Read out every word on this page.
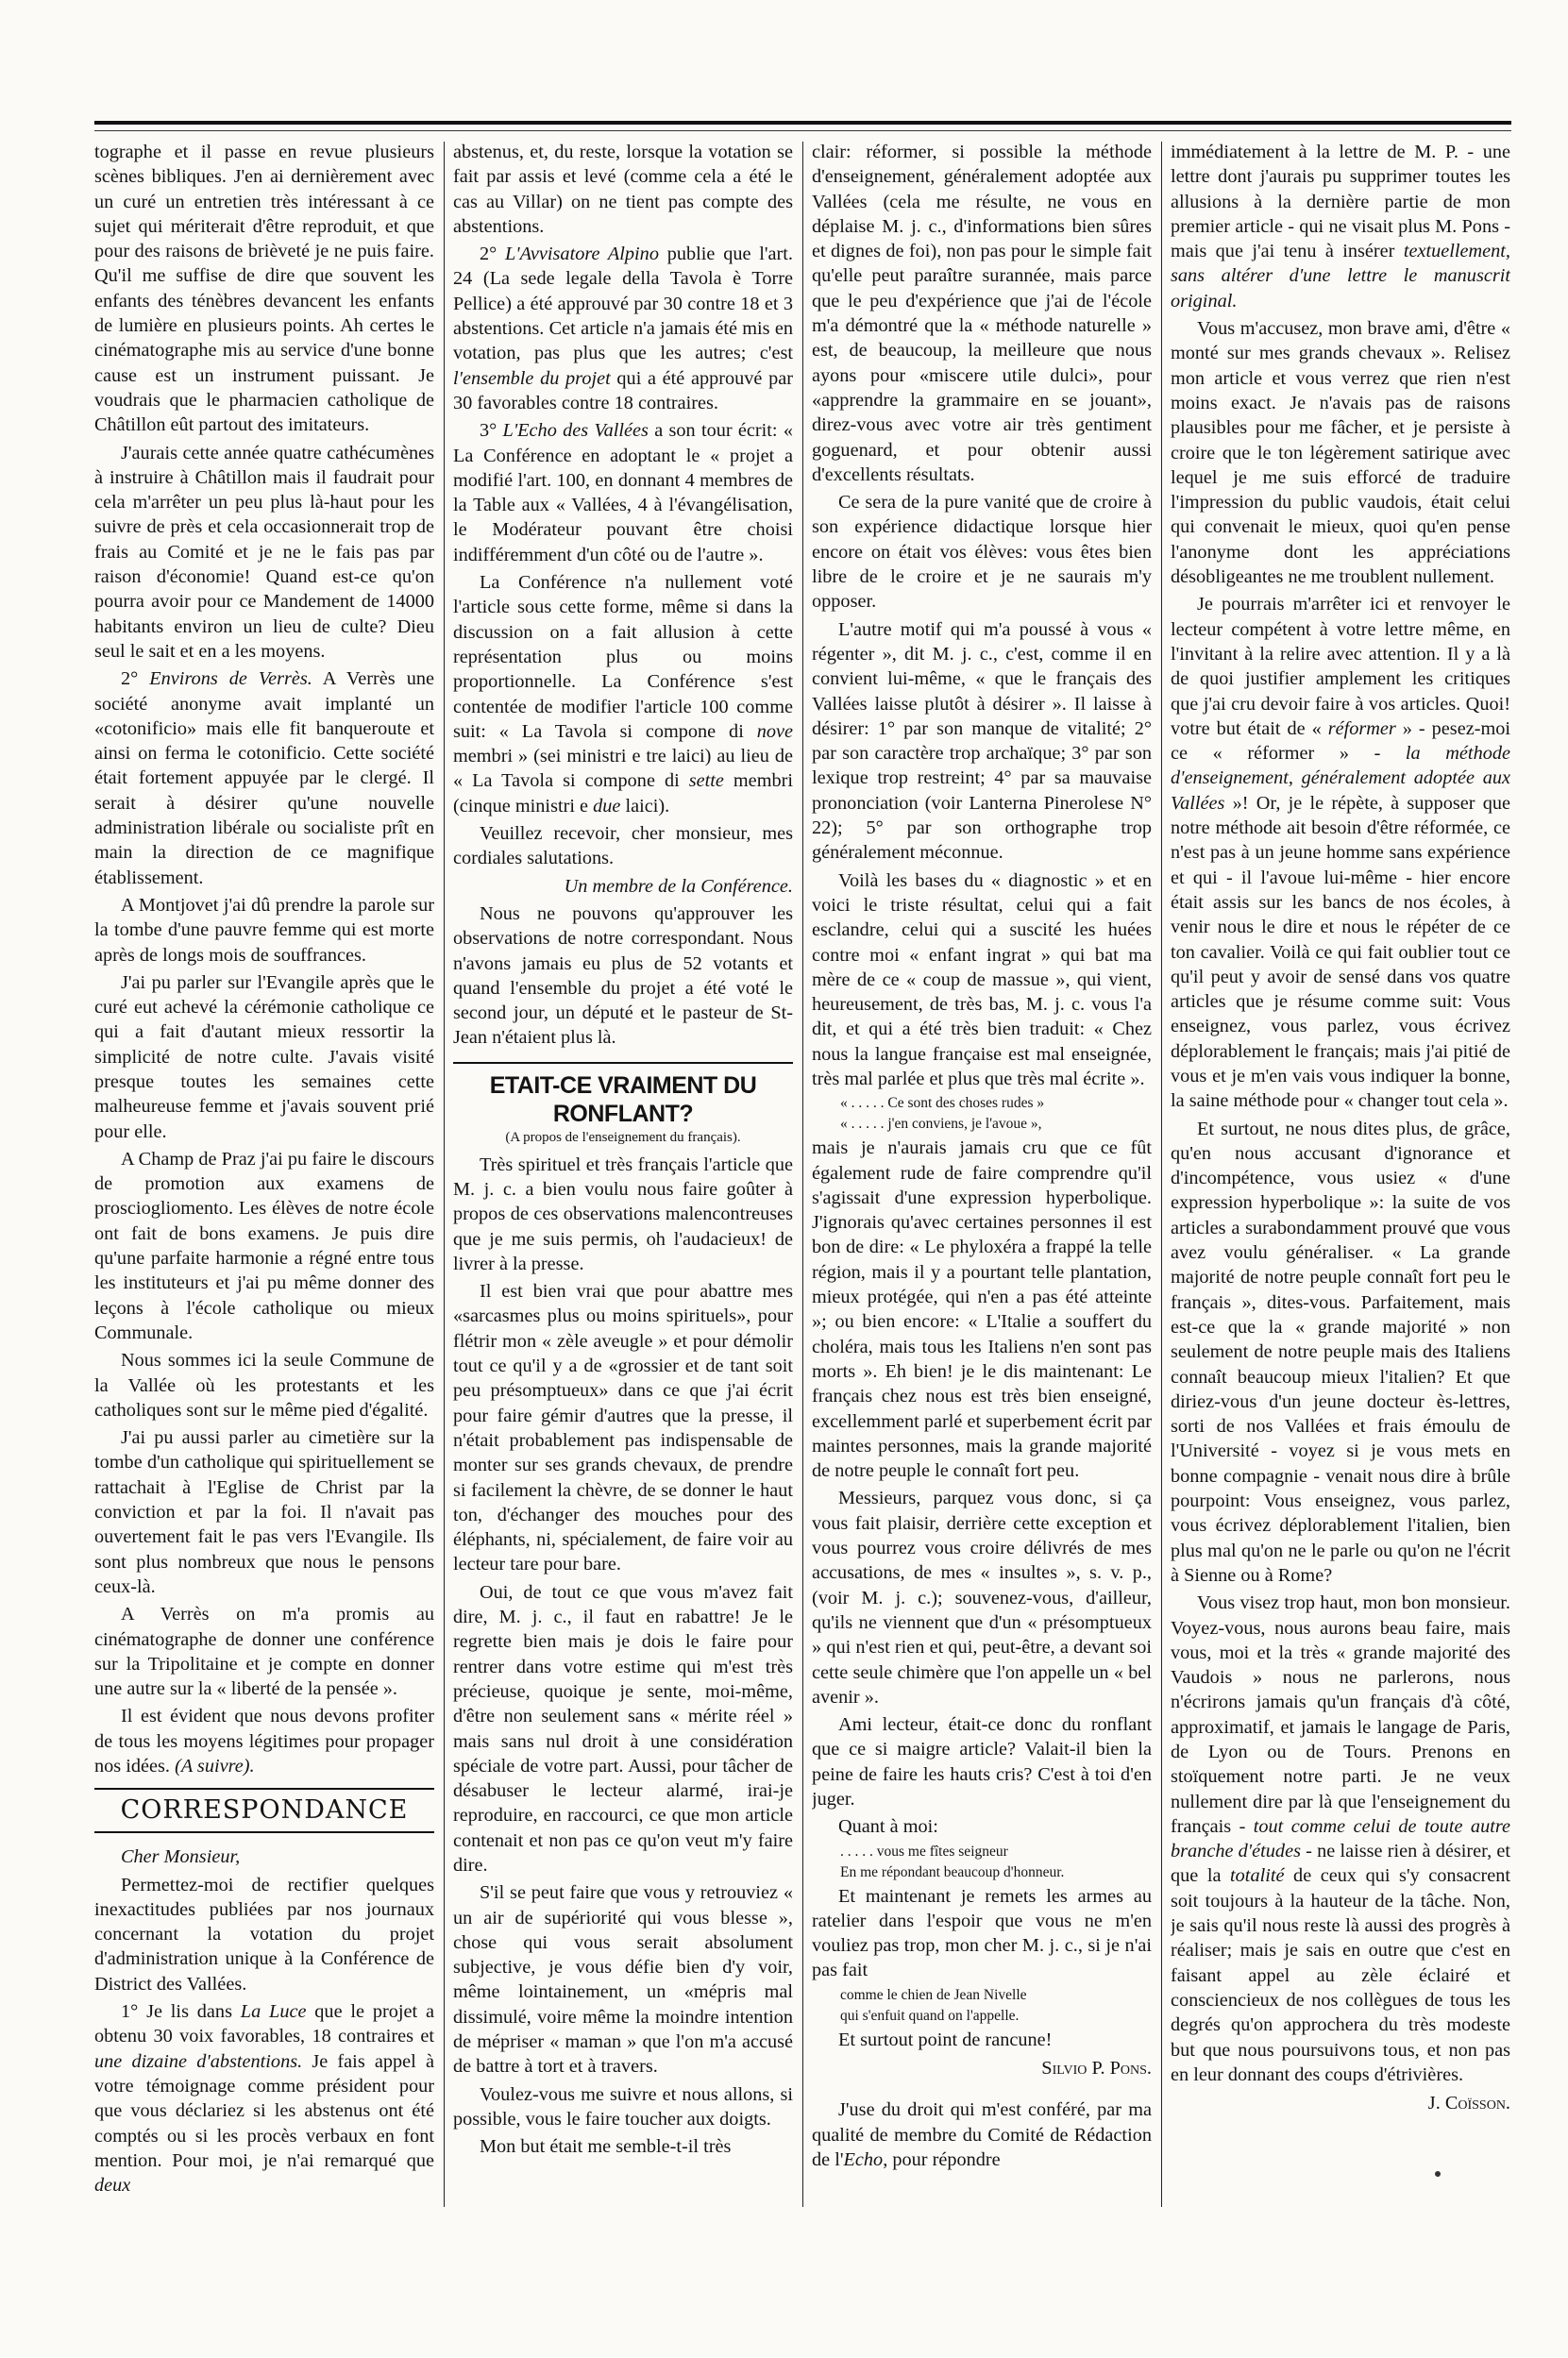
tographe et il passe en revue plusieurs scènes bibliques. J'en ai dernièrement avec un curé un entretien très intéressant à ce sujet qui mériterait d'être reproduit, et que pour des raisons de brièveté je ne puis faire. Qu'il me suffise de dire que souvent les enfants des ténèbres devancent les enfants de lumière en plusieurs points. Ah certes le cinématographe mis au service d'une bonne cause est un instrument puissant. Je voudrais que le pharmacien catholique de Châtillon eût partout des imitateurs.

J'aurais cette année quatre cathécumènes à instruire à Châtillon mais il faudrait pour cela m'arrêter un peu plus là-haut pour les suivre de près et cela occasionnerait trop de frais au Comité et je ne le fais pas par raison d'économie! Quand est-ce qu'on pourra avoir pour ce Mandement de 14000 habitants environ un lieu de culte? Dieu seul le sait et en a les moyens.

2° Environs de Verrès. A Verrès une société anonyme avait implanté un «cotonificio» mais elle fit banqueroute et ainsi on ferma le cotonificio. Cette société était fortement appuyée par le clergé. Il serait à désirer qu'une nouvelle administration libérale ou socialiste prît en main la direction de ce magnifique établissement.

A Montjovet j'ai dû prendre la parole sur la tombe d'une pauvre femme qui est morte après de longs mois de souffrances.

J'ai pu parler sur l'Evangile après que le curé eut achevé la cérémonie catholique ce qui a fait d'autant mieux ressortir la simplicité de notre culte. J'avais visité presque toutes les semaines cette malheureuse femme et j'avais souvent prié pour elle.

A Champ de Praz j'ai pu faire le discours de promotion aux examens de prosciogliomento. Les élèves de notre école ont fait de bons examens. Je puis dire qu'une parfaite harmonie a régné entre tous les instituteurs et j'ai pu même donner des leçons à l'école catholique ou mieux Communale.

Nous sommes ici la seule Commune de la Vallée où les protestants et les catholiques sont sur le même pied d'égalité.

J'ai pu aussi parler au cimetière sur la tombe d'un catholique qui spirituellement se rattachait à l'Eglise de Christ par la conviction et par la foi. Il n'avait pas ouvertement fait le pas vers l'Evangile. Ils sont plus nombreux que nous le pensons ceux-là.

A Verrès on m'a promis au cinématographe de donner une conférence sur la Tripolitaine et je compte en donner une autre sur la « liberté de la pensée ».

Il est évident que nous devons profiter de tous les moyens légitimes pour propager nos idées. (A suivre).

CORRESPONDANCE

Cher Monsieur,

Permettez-moi de rectifier quelques inexactitudes publiées par nos journaux concernant la votation du projet d'administration unique à la Conférence de District des Vallées.

1° Je lis dans La Luce que le projet a obtenu 30 voix favorables, 18 contraires et une dizaine d'abstentions. Je fais appel à votre témoignage comme président pour que vous déclariez si les abstenus ont été comptés ou si les procès verbaux en font mention. Pour moi, je n'ai remarqué que deux

abstenus, et, du reste, lorsque la votation se fait par assis et levé (comme cela a été le cas au Villar) on ne tient pas compte des abstentions.

2° L'Avvisatore Alpino publie que l'art. 24 (La sede legale della Tavola è Torre Pellice) a été approuvé par 30 contre 18 et 3 abstentions. Cet article n'a jamais été mis en votation, pas plus que les autres; c'est l'ensemble du projet qui a été approuvé par 30 favorables contre 18 contraires.

3° L'Echo des Vallées a son tour écrit: « La Conférence en adoptant le « projet a modifié l'art. 100, en donnant 4 membres de la Table aux « Vallées, 4 à l'évangélisation, le Modérateur pouvant être choisi indifféremment d'un côté ou de l'autre ».

La Conférence n'a nullement voté l'article sous cette forme, même si dans la discussion on a fait allusion à cette représentation plus ou moins proportionnelle. La Conférence s'est contentée de modifier l'article 100 comme suit: « La Tavola si compone di nove membri » (sei ministri e tre laici) au lieu de « La Tavola si compone di sette membri (cinque ministri e due laici).

Veuillez recevoir, cher monsieur, mes cordiales salutations.

Un membre de la Conférence.

Nous ne pouvons qu'approuver les observations de notre correspondant. Nous n'avons jamais eu plus de 52 votants et quand l'ensemble du projet a été voté le second jour, un député et le pasteur de St-Jean n'étaient plus là.

ETAIT-CE VRAIMENT DU RONFLANT?
(A propos de l'enseignement du français).

Très spirituel et très français l'article que M. j. c. a bien voulu nous faire goûter à propos de ces observations malencontreuses que je me suis permis, oh l'audacieux! de livrer à la presse.

Il est bien vrai que pour abattre mes «sarcasmes plus ou moins spirituels», pour flétrir mon « zèle aveugle » et pour démolir tout ce qu'il y a de «grossier et de tant soit peu présomptueux» dans ce que j'ai écrit pour faire gémir d'autres que la presse, il n'était probablement pas indispensable de monter sur ses grands chevaux, de prendre si facilement la chèvre, de se donner le haut ton, d'échanger des mouches pour des éléphants, ni, spécialement, de faire voir au lecteur tare pour bare.

Oui, de tout ce que vous m'avez fait dire, M. j. c., il faut en rabattre! Je le regrette bien mais je dois le faire pour rentrer dans votre estime qui m'est très précieuse, quoique je sente, moi-même, d'être non seulement sans « mérite réel » mais sans nul droit à une considération spéciale de votre part. Aussi, pour tâcher de désabuser le lecteur alarmé, irai-je reproduire, en raccourci, ce que mon article contenait et non pas ce qu'on veut m'y faire dire.

S'il se peut faire que vous y retrouviez « un air de supériorité qui vous blesse », chose qui vous serait absolument subjective, je vous défie bien d'y voir, même lointainement, un «mépris mal dissimulé, voire même la moindre intention de mépriser « maman » que l'on m'a accusé de battre à tort et à travers.

Voulez-vous me suivre et nous allons, si possible, vous le faire toucher aux doigts.

Mon but était me semble-t-il très

clair: réformer, si possible la méthode d'enseignement, généralement adoptée aux Vallées (cela me résulte, ne vous en déplaise M. j. c., d'informations bien sûres et dignes de foi), non pas pour le simple fait qu'elle peut paraître surannée, mais parce que le peu d'expérience que j'ai de l'école m'a démontré que la « méthode naturelle » est, de beaucoup, la meilleure que nous ayons pour «miscere utile dulci», pour «apprendre la grammaire en se jouant», direz-vous avec votre air très gentiment goguenard, et pour obtenir aussi d'excellents résultats.

Ce sera de la pure vanité que de croire à son expérience didactique lorsque hier encore on était vos élèves: vous êtes bien libre de le croire et je ne saurais m'y opposer.

L'autre motif qui m'a poussé à vous « régenter », dit M. j. c., c'est, comme il en convient lui-même, « que le français des Vallées laisse plutôt à désirer ». Il laisse à désirer: 1° par son manque de vitalité; 2° par son caractère trop archaïque; 3° par son lexique trop restreint; 4° par sa mauvaise prononciation (voir Lanterna Pinerolese N° 22); 5° par son orthographe trop généralement méconnue.

Voilà les bases du « diagnostic » et en voici le triste résultat, celui qui a fait esclandre, celui qui a suscité les huées contre moi « enfant ingrat » qui bat ma mère de ce « coup de massue », qui vient, heureusement, de très bas, M. j. c. vous l'a dit, et qui a été très bien traduit: « Chez nous la langue française est mal enseignée, très mal parlée et plus que très mal écrite ».

« . . . . . Ce sont des choses rudes »

« . . . . . j'en conviens, je l'avoue »,

mais je n'aurais jamais cru que ce fût également rude de faire comprendre qu'il s'agissait d'une expression hyperbolique. J'ignorais qu'avec certaines personnes il est bon de dire: « Le phyloxéra a frappé la telle région, mais il y a pourtant telle plantation, mieux protégée, qui n'en a pas été atteinte »; ou bien encore: « L'Italie a souffert du choléra, mais tous les Italiens n'en sont pas morts ». Eh bien! je le dis maintenant: Le français chez nous est très bien enseigné, excellemment parlé et superbement écrit par maintes personnes, mais la grande majorité de notre peuple le connaît fort peu.

Messieurs, parquez vous donc, si ça vous fait plaisir, derrière cette exception et vous pourrez vous croire délivrés de mes accusations, de mes « insultes », s. v. p., (voir M. j. c.); souvenez-vous, d'ailleur, qu'ils ne viennent que d'un « présomptueux » qui n'est rien et qui, peut-être, a devant soi cette seule chimère que l'on appelle un « bel avenir ».

Ami lecteur, était-ce donc du ronflant que ce si maigre article? Valait-il bien la peine de faire les hauts cris? C'est à toi d'en juger.

Quant à moi:

. . . . . vous me fîtes seigneur

En me répondant beaucoup d'honneur.

Et maintenant je remets les armes au ratelier dans l'espoir que vous ne m'en vouliez pas trop, mon cher M. j. c., si je n'ai pas fait

comme le chien de Jean Nivelle

qui s'enfuit quand on l'appelle.

Et surtout point de rancune!

Silvio P. Pons.

J'use du droit qui m'est conféré, par ma qualité de membre du Comité de Rédaction de l'Echo, pour répondre

immédiatement à la lettre de M. P. - une lettre dont j'aurais pu supprimer toutes les allusions à la dernière partie de mon premier article - qui ne visait plus M. Pons - mais que j'ai tenu à insérer textuellement, sans altérer d'une lettre le manuscrit original.

Vous m'accusez, mon brave ami, d'être « monté sur mes grands chevaux ». Relisez mon article et vous verrez que rien n'est moins exact. Je n'avais pas de raisons plausibles pour me fâcher, et je persiste à croire que le ton légèrement satirique avec lequel je me suis efforcé de traduire l'impression du public vaudois, était celui qui convenait le mieux, quoi qu'en pense l'anonyme dont les appréciations désobligeantes ne me troublent nullement.

Je pourrais m'arrêter ici et renvoyer le lecteur compétent à votre lettre même, en l'invitant à la relire avec attention. Il y a là de quoi justifier amplement les critiques que j'ai cru devoir faire à vos articles. Quoi! votre but était de « réformer » - pesez-moi ce « réformer » - la méthode d'enseignement, généralement adoptée aux Vallées »! Or, je le répète, à supposer que notre méthode ait besoin d'être réformée, ce n'est pas à un jeune homme sans expérience et qui - il l'avoue lui-même - hier encore était assis sur les bancs de nos écoles, à venir nous le dire et nous le répéter de ce ton cavalier. Voilà ce qui fait oublier tout ce qu'il peut y avoir de sensé dans vos quatre articles que je résume comme suit: Vous enseignez, vous parlez, vous écrivez déplorablement le français; mais j'ai pitié de vous et je m'en vais vous indiquer la bonne, la saine méthode pour « changer tout cela ».

Et surtout, ne nous dites plus, de grâce, qu'en nous accusant d'ignorance et d'incompétence, vous usiez « d'une expression hyperbolique »: la suite de vos articles a surabondamment prouvé que vous avez voulu généraliser. « La grande majorité de notre peuple connaît fort peu le français », dites-vous. Parfaitement, mais est-ce que la « grande majorité » non seulement de notre peuple mais des Italiens connaît beaucoup mieux l'italien? Et que diriez-vous d'un jeune docteur ès-lettres, sorti de nos Vallées et frais émoulu de l'Université - voyez si je vous mets en bonne compagnie - venait nous dire à brûle pourpoint: Vous enseignez, vous parlez, vous écrivez déplorablement l'italien, bien plus mal qu'on ne le parle ou qu'on ne l'écrit à Sienne ou à Rome?

Vous visez trop haut, mon bon monsieur. Voyez-vous, nous aurons beau faire, mais vous, moi et la très « grande majorité des Vaudois » nous ne parlerons, nous n'écrirons jamais qu'un français d'à côté, approximatif, et jamais le langage de Paris, de Lyon ou de Tours. Prenons en stoïquement notre parti. Je ne veux nullement dire par là que l'enseignement du français - tout comme celui de toute autre branche d'études - ne laisse rien à désirer, et que la totalité de ceux qui s'y consacrent soit toujours à la hauteur de la tâche. Non, je sais qu'il nous reste là aussi des progrès à réaliser; mais je sais en outre que c'est en faisant appel au zèle éclairé et consciencieux de nos collègues de tous les degrés qu'on approchera du très modeste but que nous poursuivons tous, et non pas en leur donnant des coups d'étrivières.

J. Coïsson.
